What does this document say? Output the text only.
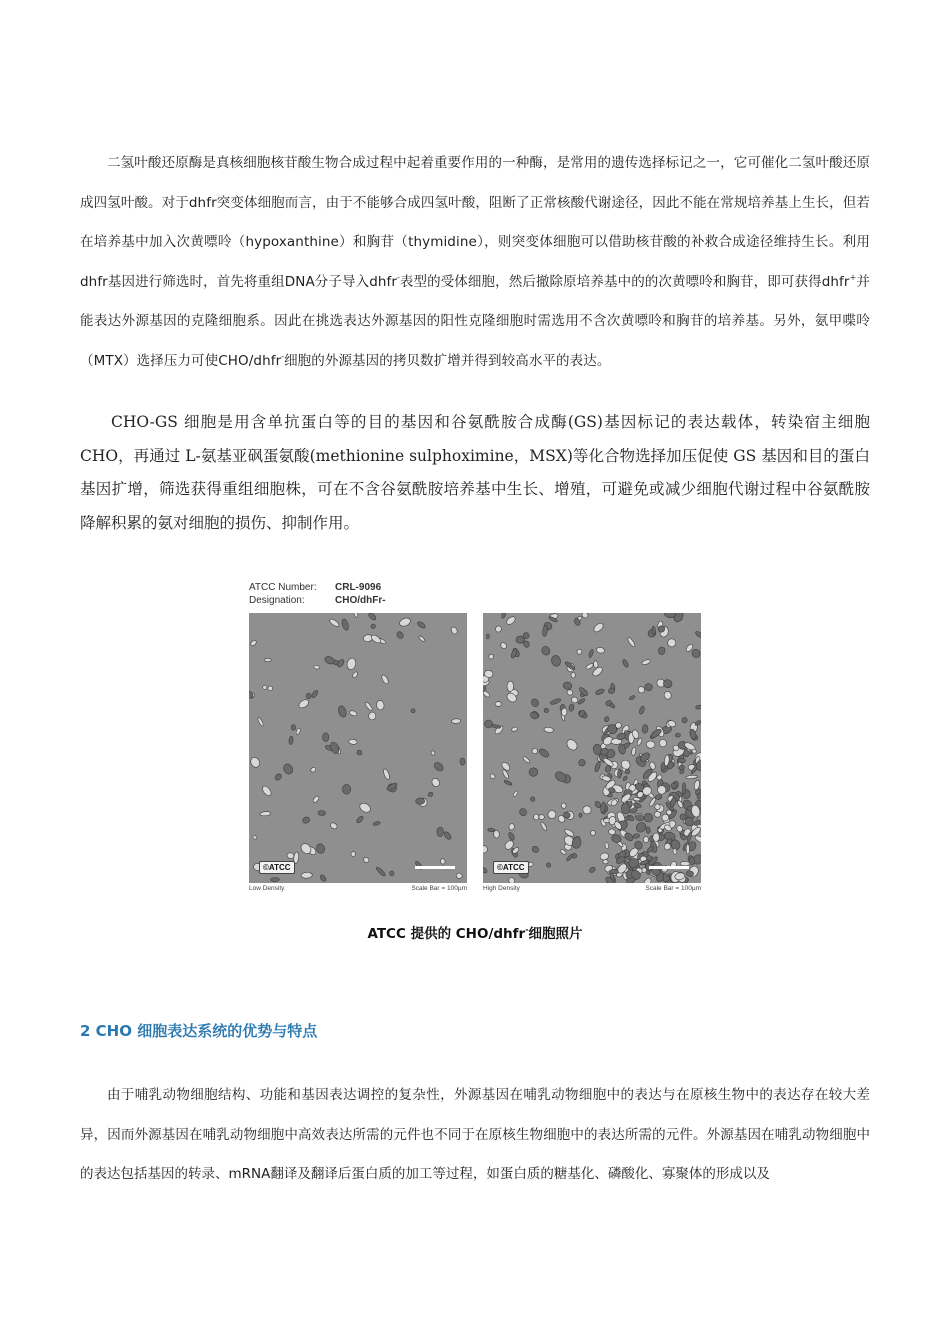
二氢叶酸还原酶是真核细胞核苷酸生物合成过程中起着重要作用的一种酶，是常用的遗传选择标记之一，它可催化二氢叶酸还原成四氢叶酸。对于dhfr突变体细胞而言，由于不能够合成四氢叶酸，阻断了正常核酸代谢途径，因此不能在常规培养基上生长，但若在培养基中加入次黄嘌呤（hypoxanthine）和胸苷（thymidine），则突变体细胞可以借助核苷酸的补救合成途径维持生长。利用dhfr基因进行筛选时，首先将重组DNA分子导入dhfr-表型的受体细胞，然后撤除原培养基中的的次黄嘌呤和胸苷，即可获得dhfr+并能表达外源基因的克隆细胞系。因此在挑选表达外源基因的阳性克隆细胞时需选用不含次黄嘌呤和胸苷的培养基。另外，氨甲喋呤（MTX）选择压力可使CHO/dhfr-细胞的外源基因的拷贝数扩增并得到较高水平的表达。

CHO-GS 细胞是用含单抗蛋白等的目的基因和谷氨酰胺合成酶(GS)基因标记的表达载体，转染宿主细胞 CHO，再通过 L-氨基亚砜蛋氨酸(methionine sulphoximine，MSX)等化合物选择加压促使 GS 基因和目的蛋白基因扩增，筛选获得重组细胞株，可在不含谷氨酰胺培养基中生长、增殖，可避免或减少细胞代谢过程中谷氨酰胺降解积累的氨对细胞的损伤、抑制作用。

ATCC Number:	CRL-9096
Designation:	CHO/dhFr-
©ATCC	©ATCC
Low Density	Scale Bar = 100µm High Density	Scale Bar = 100µm
ATCC 提供的 CHO/dhfr-细胞照片
2 CHO 细胞表达系统的优势与特点

由于哺乳动物细胞结构、功能和基因表达调控的复杂性，外源基因在哺乳动物细胞中的表达与在原核生物中的表达存在较大差异，因而外源基因在哺乳动物细胞中高效表达所需的元件也不同于在原核生物细胞中的表达所需的元件。外源基因在哺乳动物细胞中的表达包括基因的转录、mRNA翻译及翻译后蛋白质的加工等过程，如蛋白质的糖基化、磷酸化、寡聚体的形成以及
